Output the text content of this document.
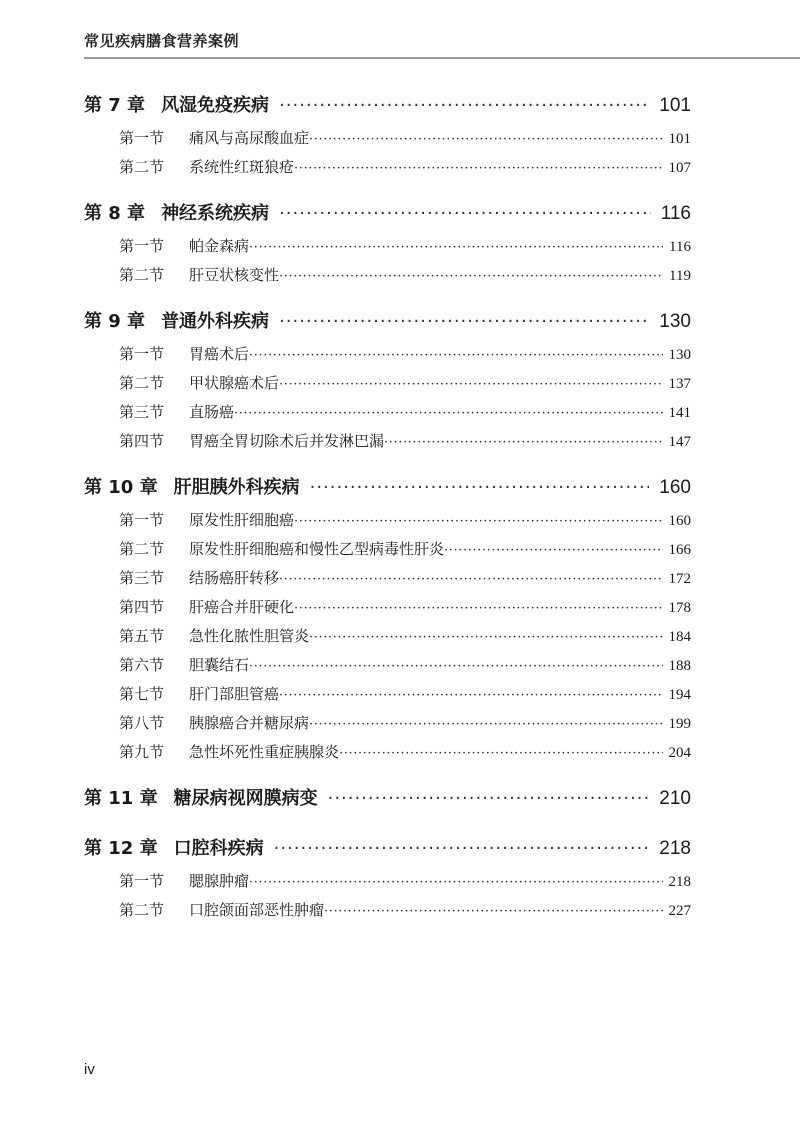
常见疾病膳食营养案例
第 7 章 风湿免疫疾病 ·····	101
第一节	痛风与高尿酸血症 ·····	101
第二节	系统性红斑狼疮 ·····	107
第 8 章 神经系统疾病 ·····	116
第一节	帕金森病 ·····	116
第二节	肝豆状核变性 ·····	119
第 9 章 普通外科疾病 ·····	130
第一节	胃癌术后 ·····	130
第二节	甲状腺癌术后 ·····	137
第三节	直肠癌 ·····	141
第四节	胃癌全胃切除术后并发淋巴漏 ·····	147
第 10 章 肝胆胰外科疾病 ·····	160
第一节	原发性肝细胞癌 ·····	160
第二节	原发性肝细胞癌和慢性乙型病毒性肝炎 ·····	166
第三节	结肠癌肝转移 ·····	172
第四节	肝癌合并肝硬化 ·····	178
第五节	急性化脓性胆管炎 ·····	184
第六节	胆囊结石 ·····	188
第七节	肝门部胆管癌 ·····	194
第八节	胰腺癌合并糖尿病 ·····	199
第九节	急性坏死性重症胰腺炎 ·····	204
第 11 章 糖尿病视网膜病变 ·····	210
第 12 章 口腔科疾病 ·····	218
第一节	腮腺肿瘤 ·····	218
第二节	口腔颌面部恶性肿瘤 ·····	227
iv
